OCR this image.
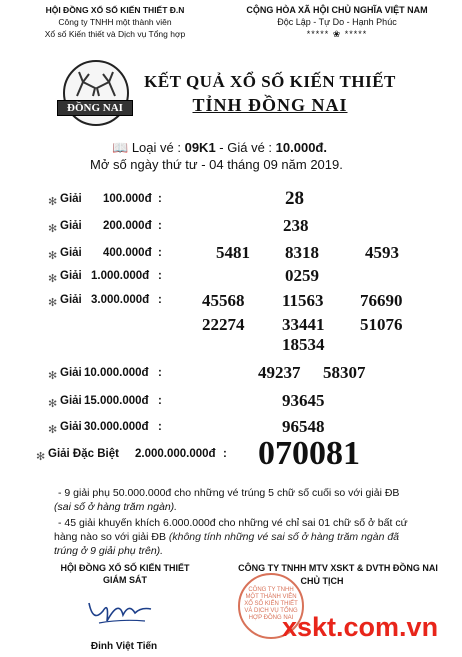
HỘI ĐỒNG XỔ SỐ KIẾN THIẾT Đ.N
Công ty TNHH một thành viên
Xổ số Kiến thiết và Dịch vụ Tổng hợp
CỘNG HÒA XÃ HỘI CHỦ NGHĨA VIỆT NAM
Độc Lập - Tự Do - Hạnh Phúc
***** ❀ *****
ĐỒNG NAI
KẾT QUẢ XỔ SỐ KIẾN THIẾT
TỈNH ĐỒNG NAI
📖 Loại vé : 09K1 - Giá vé : 10.000đ.
Mở số ngày thứ tư - 04 tháng 09 năm 2019.
✻ Giải 100.000đ :	28
✻ Giải 200.000đ :	238
✻ Giải 400.000đ :	5481 8318	4593
✻ Giải 1.000.000đ :	0259
✻ Giải 3.000.000đ : 45568 11563 76690
22274 33441 51076
18534
✻ Giải 10.000.000đ :	49237 58307
✻ Giải 15.000.000đ :	93645
✻ Giải 30.000.000đ :	96548
✻ Giải Đặc Biệt 2.000.000.000đ : 070081
- 9 giải phụ 50.000.000đ cho những vé trúng 5 chữ số cuối so với giải ĐB
(sai số ở hàng trăm ngàn).
- 45 giải khuyến khích 6.000.000đ cho những vé chỉ sai 01 chữ số ở bất cứ
hàng nào so với giải ĐB (không tính những vé sai số ở hàng trăm ngàn đã
trúng ở 9 giải phụ trên).
HỘI ĐỒNG XỔ SỐ KIẾN THIẾT
GIÁM SÁT
Đinh Việt Tiến
CÔNG TY TNHH MTV XSKT & DVTH ĐỒNG NAI
CHỦ TỊCH
CÔNG TY TNHH MỘT THÀNH VIÊN XỔ SỐ KIẾN THIẾT VÀ DỊCH VỤ TỔNG HỢP ĐỒNG NAI
xskt.com.vn
